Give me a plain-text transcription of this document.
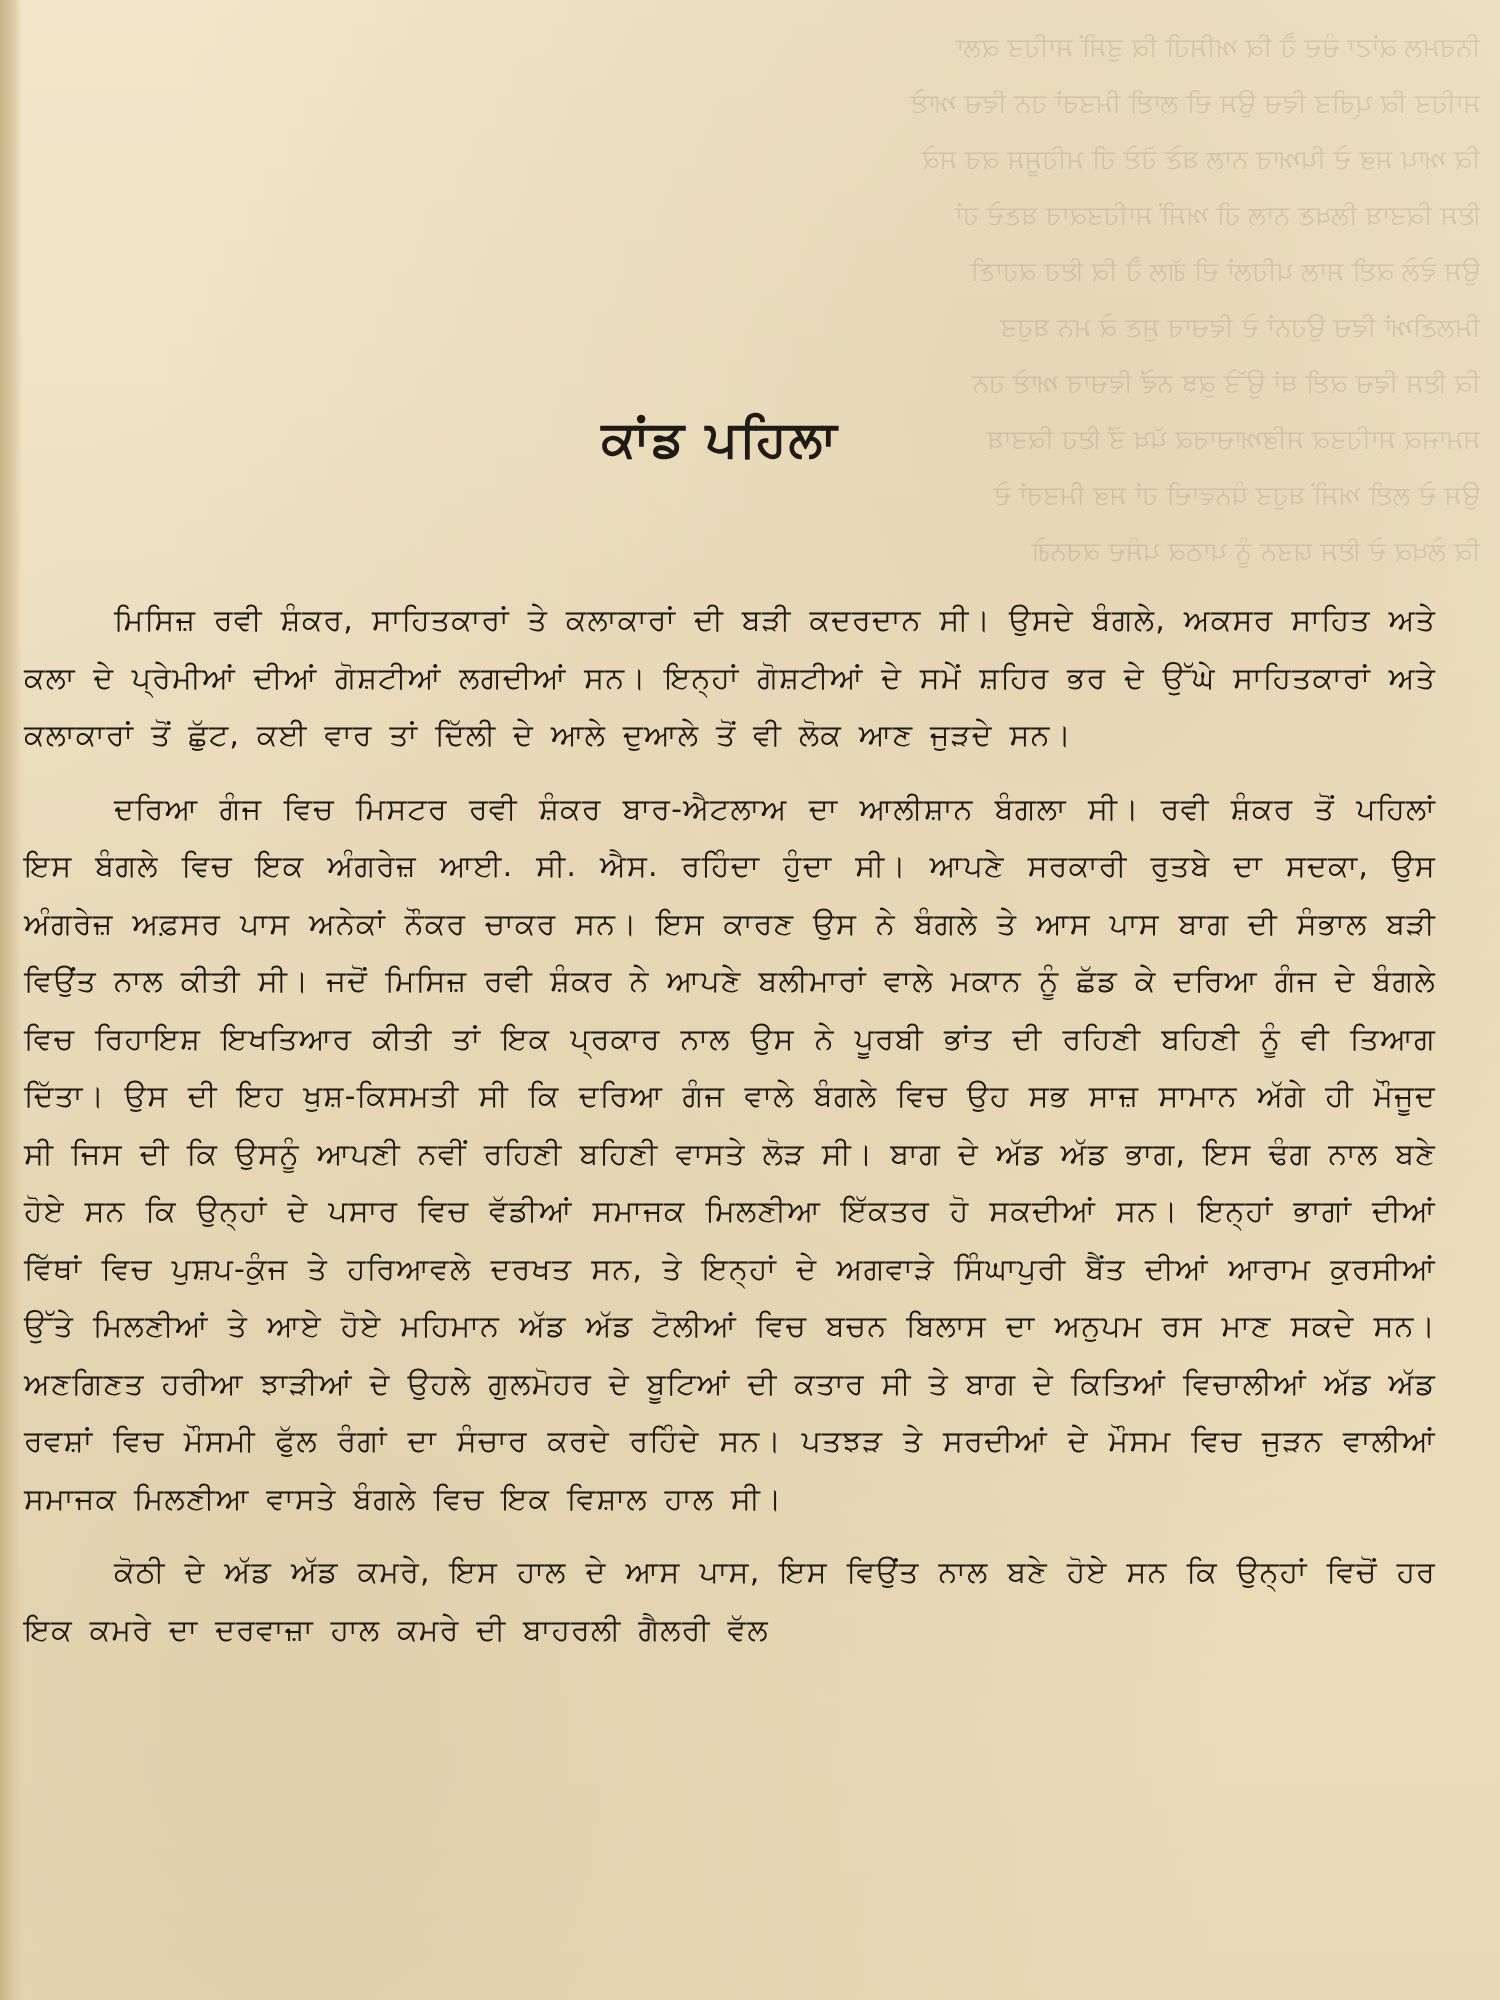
ਨਿਰਮਲ ਕਾਂਟਾ ਚੰਦ ਹੈ ਕਿ ਅਸਿਹੀ ਕਿ ਤੁਸੀਂ ਸਾਹਿਤ ਕਲਾ

ਸਾਹਿਤ ਕਿ ਪ੍ਰੀਤ ਵਿਚ ਉਸ ਦੀ ਲਾਈ ਮਿਤਰਾਂ ਹਨ ਵਿਚ ਆਏ

ਕਿ ਆਪ ਸਭ ਦੇ ਪਿਆਰ ਨਾਲ ਬਣੇ ਹੋਏ ਹੀ ਮਹਿਸੂਸ ਕਰ ਸਕੇ

ਇਸ ਕਿਤਾਬ ਲਿਖਣ ਨਾਲ ਹੀ ਅਸੀਂ ਸਾਹਿਤਕਾਰ ਬਣਦੇ ਹਾਂ

ਉਸ ਵੇਲੇ ਕਈ ਸਾਲ ਪਹਿਲਾਂ ਦੀ ਗੱਲ ਹੈ ਕਿ ਇਹ ਕਹਾਣੀ

ਮਿਲਣੀਆਂ ਵਿਚ ਉਹਨਾਂ ਦੇ ਵਿਚਾਰ ਸੁਣ ਕੇ ਮਨ ਬਹੁਤ

ਕਿ ਇਸ ਵਿਚ ਕਈ ਥਾਂ ਉੱਤੇ ਕੁਝ ਨਵੇਂ ਵਿਚਾਰ ਆਏ ਹਨ

ਸਮਾਜਕ ਸਾਹਿਤਕ ਸਭਿਆਚਾਰਕ ਪੱਖ ਤੋਂ ਇਹ ਕਿਤਾਬ

ਉਸ ਦੇ ਲਈ ਅਸੀਂ ਬਹੁਤ ਧੰਨਵਾਦੀ ਹਾਂ ਸਭ ਮਿਤਰਾਂ ਦੇ

ਕਿ ਲੇਖਕ ਦੇ ਇਸ ਯਤਨ ਨੂੰ ਪਾਠਕ ਪਸੰਦ ਕਰਨਗੇ

ਕਾਂਡ ਪਹਿਲਾ

ਮਿਸਿਜ਼ ਰਵੀ ਸ਼ੰਕਰ, ਸਾਹਿਤਕਾਰਾਂ ਤੇ ਕਲਾਕਾਰਾਂ ਦੀ ਬੜੀ ਕਦਰਦਾਨ ਸੀ। ਉਸਦੇ ਬੰਗਲੇ, ਅਕਸਰ ਸਾਹਿਤ ਅਤੇ ਕਲਾ ਦੇ ਪ੍ਰੇਮੀਆਂ ਦੀਆਂ ਗੋਸ਼ਟੀਆਂ ਲਗਦੀਆਂ ਸਨ। ਇਨ੍ਹਾਂ ਗੋਸ਼ਟੀਆਂ ਦੇ ਸਮੇਂ ਸ਼ਹਿਰ ਭਰ ਦੇ ਉੱਘੇ ਸਾਹਿਤਕਾਰਾਂ ਅਤੇ ਕਲਾਕਾਰਾਂ ਤੋਂ ਛੁੱਟ, ਕਈ ਵਾਰ ਤਾਂ ਦਿੱਲੀ ਦੇ ਆਲੇ ਦੁਆਲੇ ਤੋਂ ਵੀ ਲੋਕ ਆਣ ਜੁੜਦੇ ਸਨ।

ਦਰਿਆ ਗੰਜ ਵਿਚ ਮਿਸਟਰ ਰਵੀ ਸ਼ੰਕਰ ਬਾਰ-ਐਟਲਾਅ ਦਾ ਆਲੀਸ਼ਾਨ ਬੰਗਲਾ ਸੀ। ਰਵੀ ਸ਼ੰਕਰ ਤੋਂ ਪਹਿਲਾਂ ਇਸ ਬੰਗਲੇ ਵਿਚ ਇਕ ਅੰਗਰੇਜ਼ ਆਈ. ਸੀ. ਐਸ. ਰਹਿੰਦਾ ਹੁੰਦਾ ਸੀ। ਆਪਣੇ ਸਰਕਾਰੀ ਰੁਤਬੇ ਦਾ ਸਦਕਾ, ਉਸ ਅੰਗਰੇਜ਼ ਅਫ਼ਸਰ ਪਾਸ ਅਨੇਕਾਂ ਨੌਕਰ ਚਾਕਰ ਸਨ। ਇਸ ਕਾਰਣ ਉਸ ਨੇ ਬੰਗਲੇ ਤੇ ਆਸ ਪਾਸ ਬਾਗ ਦੀ ਸੰਭਾਲ ਬੜੀ ਵਿਉਂਤ ਨਾਲ ਕੀਤੀ ਸੀ। ਜਦੋਂ ਮਿਸਿਜ਼ ਰਵੀ ਸ਼ੰਕਰ ਨੇ ਆਪਣੇ ਬਲੀਮਾਰਾਂ ਵਾਲੇ ਮਕਾਨ ਨੂੰ ਛੱਡ ਕੇ ਦਰਿਆ ਗੰਜ ਦੇ ਬੰਗਲੇ ਵਿਚ ਰਿਹਾਇਸ਼ ਇਖਤਿਆਰ ਕੀਤੀ ਤਾਂ ਇਕ ਪ੍ਰਕਾਰ ਨਾਲ ਉਸ ਨੇ ਪੂਰਬੀ ਭਾਂਤ ਦੀ ਰਹਿਣੀ ਬਹਿਣੀ ਨੂੰ ਵੀ ਤਿਆਗ ਦਿੱਤਾ। ਉਸ ਦੀ ਇਹ ਖੁਸ਼-ਕਿਸਮਤੀ ਸੀ ਕਿ ਦਰਿਆ ਗੰਜ ਵਾਲੇ ਬੰਗਲੇ ਵਿਚ ਉਹ ਸਭ ਸਾਜ਼ ਸਾਮਾਨ ਅੱਗੇ ਹੀ ਮੌਜੂਦ ਸੀ ਜਿਸ ਦੀ ਕਿ ਉਸਨੂੰ ਆਪਣੀ ਨਵੀਂ ਰਹਿਣੀ ਬਹਿਣੀ ਵਾਸਤੇ ਲੋੜ ਸੀ। ਬਾਗ ਦੇ ਅੱਡ ਅੱਡ ਭਾਗ, ਇਸ ਢੰਗ ਨਾਲ ਬਣੇ ਹੋਏ ਸਨ ਕਿ ਉਨ੍ਹਾਂ ਦੇ ਪਸਾਰ ਵਿਚ ਵੱਡੀਆਂ ਸਮਾਜਕ ਮਿਲਣੀਆ ਇੱਕਤਰ ਹੋ ਸਕਦੀਆਂ ਸਨ। ਇਨ੍ਹਾਂ ਭਾਗਾਂ ਦੀਆਂ ਵਿੱਥਾਂ ਵਿਚ ਪੁਸ਼ਪ-ਕੁੰਜ ਤੇ ਹਰਿਆਵਲੇ ਦਰਖਤ ਸਨ, ਤੇ ਇਨ੍ਹਾਂ ਦੇ ਅਗਵਾੜੇ ਸਿੰਘਾਪੁਰੀ ਬੈਂਤ ਦੀਆਂ ਆਰਾਮ ਕੁਰਸੀਆਂ ਉੱਤੇ ਮਿਲਣੀਆਂ ਤੇ ਆਏ ਹੋਏ ਮਹਿਮਾਨ ਅੱਡ ਅੱਡ ਟੋਲੀਆਂ ਵਿਚ ਬਚਨ ਬਿਲਾਸ ਦਾ ਅਨੁਪਮ ਰਸ ਮਾਣ ਸਕਦੇ ਸਨ। ਅਣਗਿਣਤ ਹਰੀਆ ਝਾੜੀਆਂ ਦੇ ਉਹਲੇ ਗੁਲਮੋਹਰ ਦੇ ਬੂਟਿਆਂ ਦੀ ਕਤਾਰ ਸੀ ਤੇ ਬਾਗ ਦੇ ਕਿਤਿਆਂ ਵਿਚਾਲੀਆਂ ਅੱਡ ਅੱਡ ਰਵਸ਼ਾਂ ਵਿਚ ਮੌਸਮੀ ਫੁੱਲ ਰੰਗਾਂ ਦਾ ਸੰਚਾਰ ਕਰਦੇ ਰਹਿੰਦੇ ਸਨ। ਪਤਝੜ ਤੇ ਸਰਦੀਆਂ ਦੇ ਮੌਸਮ ਵਿਚ ਜੁੜਨ ਵਾਲੀਆਂ ਸਮਾਜਕ ਮਿਲਣੀਆ ਵਾਸਤੇ ਬੰਗਲੇ ਵਿਚ ਇਕ ਵਿਸ਼ਾਲ ਹਾਲ ਸੀ।

ਕੋਠੀ ਦੇ ਅੱਡ ਅੱਡ ਕਮਰੇ, ਇਸ ਹਾਲ ਦੇ ਆਸ ਪਾਸ, ਇਸ ਵਿਉਂਤ ਨਾਲ ਬਣੇ ਹੋਏ ਸਨ ਕਿ ਉਨ੍ਹਾਂ ਵਿਚੋਂ ਹਰ ਇਕ ਕਮਰੇ ਦਾ ਦਰਵਾਜ਼ਾ ਹਾਲ ਕਮਰੇ ਦੀ ਬਾਹਰਲੀ ਗੈਲਰੀ ਵੱਲ
